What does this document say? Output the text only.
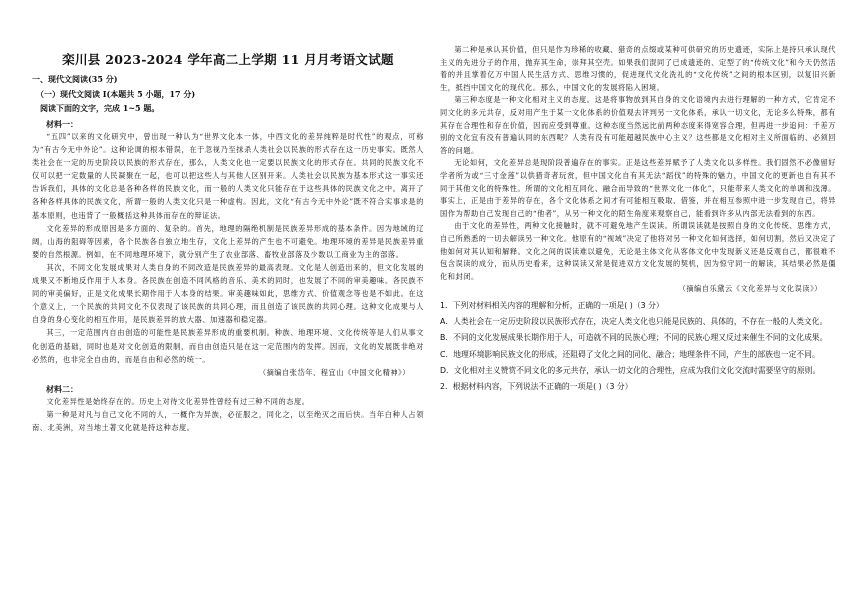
栾川县 2023-2024 学年高二上学期 11 月月考语文试题
一、现代文阅读(35 分)
（一）现代文阅读 I(本题共 5 小题，17 分)
阅读下面的文字，完成 1~5 题。
材料一：

“五四”以来的文化研究中，曾出现一种认为“世界文化本一体，中西文化的差异纯粹是时代性”的观点，可称为“有古今无中外论”。这种论调的根本错误，在于忽视乃至抹杀人类社会以民族的形式存在这一历史事实。既然人类社会在一定的历史阶段以民族的形式存在，那么，人类文化也一定要以民族文化的形式存在。共同的民族文化不仅可以把一定数量的人民凝聚在一起，也可以把这些人与其他人区别开来。人类社会以民族为基本形式这一事实还告诉我们，具体的文化总是各种各样的民族文化，而一般的人类文化只能存在于这些具体的民族文化之中。离开了各种各样具体的民族文化，所谓一般的人类文化只是一种虚构。因此，文化“有古今无中外论”既不符合实事求是的基本原则，也违背了一般概括这种具体而存在的辩证法。

文化差异的形成原因是多方面的、复杂的。首先，地理的隔绝机制是民族差异形成的基本条件。因为地域的辽阔，山海的阻碍等因素，各个民族各自独立地生存，文化上差异的产生也不可避免。地理环境的差异是民族差异重要的自然根源。例如，在不同地理环境下，就分别产生了农业部落、畜牧业部落及少数以工商业为主的部落。

其次，不同文化发展成果对人类自身的不同改造是民族差异的最高表现。文化是人创造出来的，但文化发展的成果又不断地反作用于人本身。各民族在创造不同风格的音乐、美术的同时，也发展了不同的审美趣味。各民族不同的审美偏好，正是文化成果长期作用于人本身的结果。审美趣味如此，思维方式、价值观念等也是不如此。在这个意义上，一个民族的共同文化不仅表现了该民族的共同心理，而且创造了该民族的共同心理。这种文化成果与人自身的身心变化的相互作用，是民族差异的放大器、加速器和稳定器。

其三，一定范围内自由创造的可能性是民族差异形成的重要机制。种族、地理环境、文化传统等是人们从事文化创造的基础，同时也是对文化创造的限制，而自由创造只是在这一定范围内的发挥。因而，文化的发展既非绝对必然的，也非完全自由的，而是自由和必然的统一。

（摘编自张岱年、程宜山《中国文化精神》）

材料二：

文化差异性是始终存在的。历史上对待文化差异性曾经有过三种不同的态度。

第一种是对凡与自己文化不同的人，一概作为异族，必征服之，同化之，以至绝灭之而后快。当年白种人占领南、北美洲，对当地土著文化就是持这种态度。

第二种是承认其价值，但只是作为珍稀的收藏、猎奇的点缀或某种可供研究的历史遗迹，实际上是持只承认现代主义的先进分子的作用，抛弃其生命，崇拜其空壳。如果我们混同了已成遗迹的、定型了的“传统文化”和今天仍然活着的并且掌着亿万中国人民生活方式、思维习惯的，促进现代文化洗礼的“文化传统”之间的根本区别，以复旧兴新生，抵挡中国文化的现代化。那么，中国文化的发展将陷入困境。

第三种态度是一种文化相对主义的态度。这是将事物放到其自身的文化语境内去进行理解的一种方式，它肯定不同文化的多元共存，反对用产生于某一文化体系的价值观去评判另一文化体系，承认一切文化，无论多么特殊，都有其存在合理性和存在价值，因而应受到尊重。这种态度当然远比前两种态度来得宽容合理，但再进一步追问：千差万别的文化宜有没有普遍认同的东西呢？人类有没有可能超越民族中心主义？这些都是文化相对主义所面临的、必须回答的问题。

无论如何，文化差异总是现阶段普遍存在的事实。正是这些差异赋予了人类文化以多样性。我们固然不必像留好学者所为或“三寸金莲”以供猎奇者玩赏，但中国文化自有其无法“蹈伐”的特殊的魅力，中国文化的更新也自有其不同于其他文化的特殊性。所谓的文化相互同化、融合而导致的“世界文化一体化”，只能带来人类文化的单调和浅薄。事实上，正是由于差异的存在，各个文化体系之间才有可能相互吸取、借鉴，并在相互参照中进一步发现自己，将异国作为帮助自己发现自己的“他者”，从另一种文化的陌生角度来观察自己，能看到许多从内部无法看到的东西。

由于文化的差异性，两种文化接触时，就不可避免地产生误读。所谓误读就是按照自身的文化传统、思维方式，自己所熟悉的一切去解读另一种文化。他原有的“视域”决定了他将对另一种文化如何选择，如何切割，然后又决定了他如何对其认知和解释。文化之间的误读难以避免，无论是主体文化从客体文化中发现新义还是反观自己，都很难不包含误读的成分，而从历史看来，这种误读又常是促进双方文化发展的契机，因为惊守同一的解读，其结果必然是僵化和封闭。

（摘编自乐黛云《文化差异与文化误读》）

1．下列对材料相关内容的理解和分析，正确的一项是( )（3 分）

A．人类社会在一定历史阶段以民族形式存在，决定人类文化也只能是民族的、具体的，不存在一般的人类文化。

B．不同的文化发展成果长期作用于人，可造就不同的民族心理；不同的民族心理又反过来催生不同的文化成果。

C．地理环境影响民族文化的形成，还阻碍了文化之间的同化、融合；地理条件不同，产生的部族也一定不同。

D．文化相对主义赞赏不同文化的多元共存，承认一切文化的合理性，应成为我们文化交流时需要坚守的原则。

2．根据材料内容，下列说法不正确的一项是( )（3 分）
